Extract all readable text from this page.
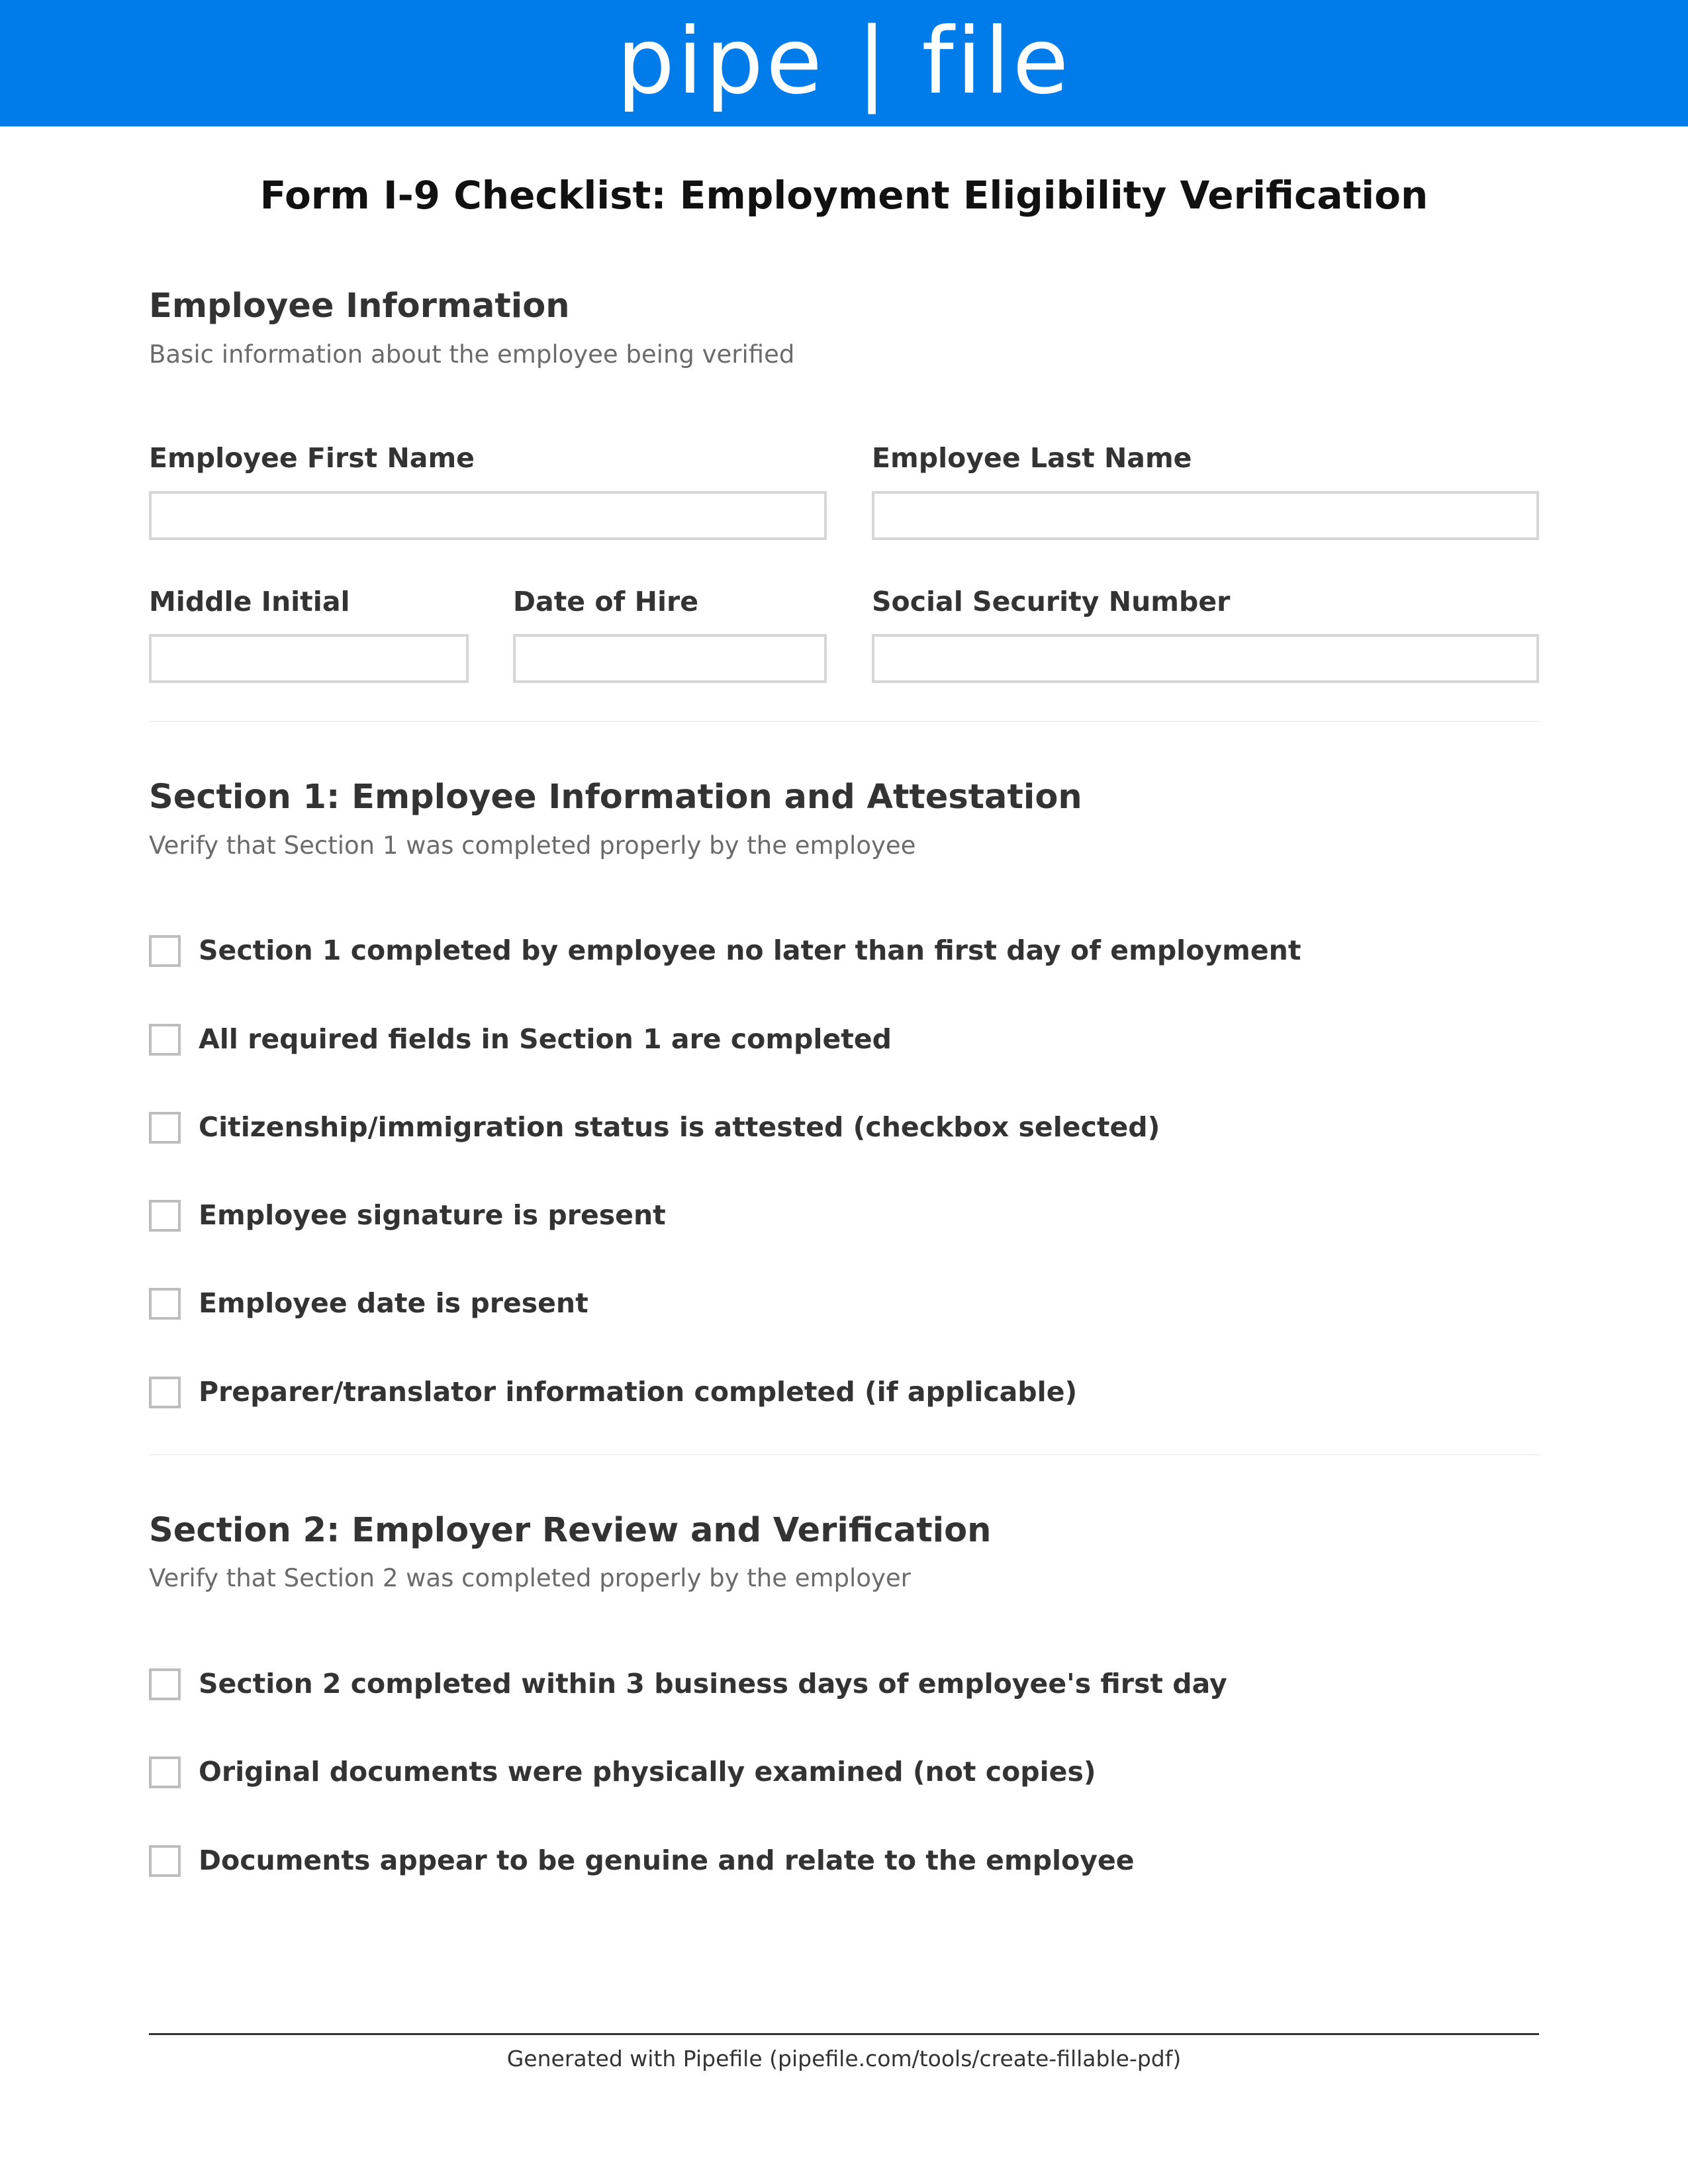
pipe | file
Form I-9 Checklist: Employment Eligibility Verification
Employee Information
Basic information about the employee being verified
Employee First Name	Employee Last Name
Middle Initial	Date of Hire	Social Security Number
Section 1: Employee Information and Attestation
Verify that Section 1 was completed properly by the employee
Section 1 completed by employee no later than first day of employment
All required fields in Section 1 are completed
Citizenship/immigration status is attested (checkbox selected)
Employee signature is present
Employee date is present
Preparer/translator information completed (if applicable)
Section 2: Employer Review and Verification
Verify that Section 2 was completed properly by the employer
Section 2 completed within 3 business days of employee's first day
Original documents were physically examined (not copies)
Documents appear to be genuine and relate to the employee
Generated with Pipefile (pipefile.com/tools/create-fillable-pdf)
